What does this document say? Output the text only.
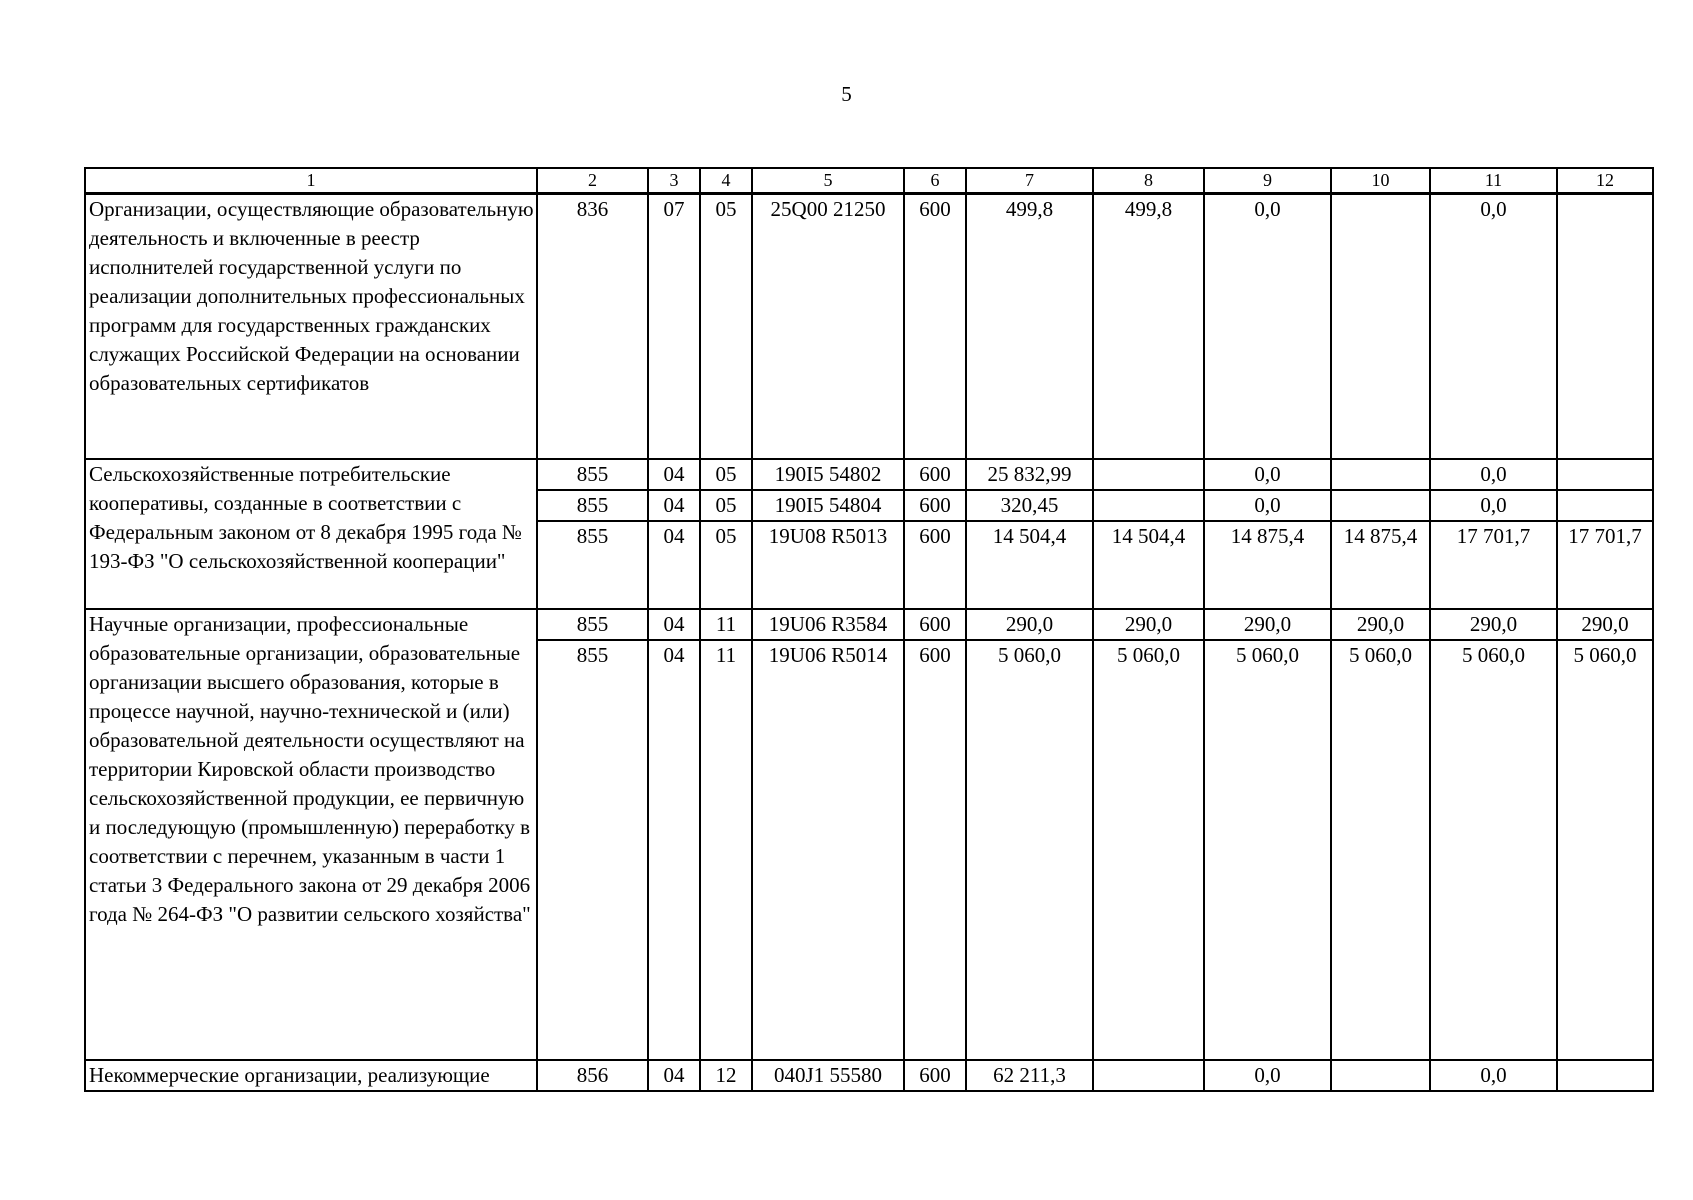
5
1	2	3	4	5	6	7	8	9	10	11	12
Организации, осуществляющие образовательную деятельность и включенные в реестр исполнителей государственной услуги по реализации дополнительных профессиональных программ для государственных гражданских служащих Российской Федерации на основании образовательных сертификатов	836	07	05	25Q00 21250	600	499,8	499,8	0,0		0,0	
Сельскохозяйственные потребительские кооперативы, созданные в соответствии с Федеральным законом от 8 декабря 1995 года № 193-ФЗ "О сельскохозяйственной кооперации"	855	04	05	190I5 54802	600	25 832,99		0,0		0,0	
	855	04	05	190I5 54804	600	320,45		0,0		0,0	
	855	04	05	19U08 R5013	600	14 504,4	14 504,4	14 875,4	14 875,4	17 701,7	17 701,7
Научные организации, профессиональные образовательные организации, образовательные организации высшего образования, которые в процессе научной, научно-технической и (или) образовательной деятельности осуществляют на территории Кировской области производство сельскохозяйственной продукции, ее первичную и последующую (промышленную) переработку в соответствии с перечнем, указанным в части 1 статьи 3 Федерального закона от 29 декабря 2006 года № 264-ФЗ "О развитии сельского хозяйства"	855	04	11	19U06 R3584	600	290,0	290,0	290,0	290,0	290,0	290,0
	855	04	11	19U06 R5014	600	5 060,0	5 060,0	5 060,0	5 060,0	5 060,0	5 060,0
Некоммерческие организации, реализующие	856	04	12	040J1 55580	600	62 211,3		0,0		0,0	
